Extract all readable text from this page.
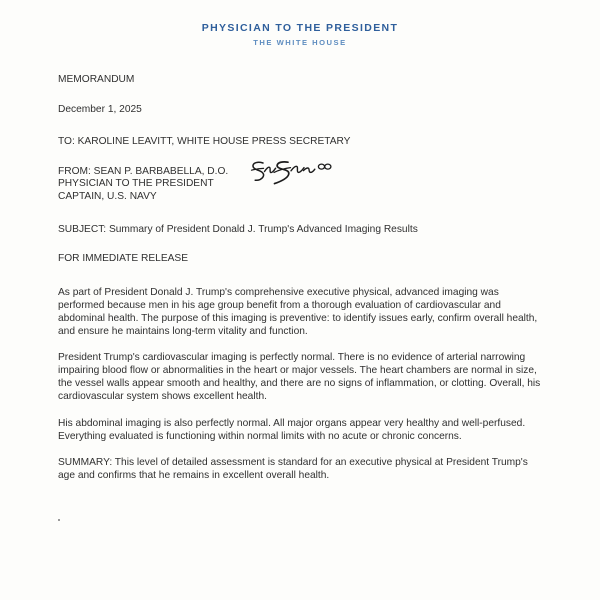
PHYSICIAN TO THE PRESIDENT
THE WHITE HOUSE
MEMORANDUM
December 1, 2025
TO: KAROLINE LEAVITT, WHITE HOUSE PRESS SECRETARY
FROM: SEAN P. BARBABELLA, D.O.
PHYSICIAN TO THE PRESIDENT
CAPTAIN, U.S. NAVY
SUBJECT: Summary of President Donald J. Trump's Advanced Imaging Results
FOR IMMEDIATE RELEASE

As part of President Donald J. Trump's comprehensive executive physical, advanced imaging was performed because men in his age group benefit from a thorough evaluation of cardiovascular and abdominal health. The purpose of this imaging is preventive: to identify issues early, confirm overall health, and ensure he maintains long-term vitality and function.

President Trump's cardiovascular imaging is perfectly normal. There is no evidence of arterial narrowing impairing blood flow or abnormalities in the heart or major vessels. The heart chambers are normal in size, the vessel walls appear smooth and healthy, and there are no signs of inflammation, or clotting. Overall, his cardiovascular system shows excellent health.

His abdominal imaging is also perfectly normal. All major organs appear very healthy and well-perfused. Everything evaluated is functioning within normal limits with no acute or chronic concerns.

SUMMARY: This level of detailed assessment is standard for an executive physical at President Trump's age and confirms that he remains in excellent overall health.
